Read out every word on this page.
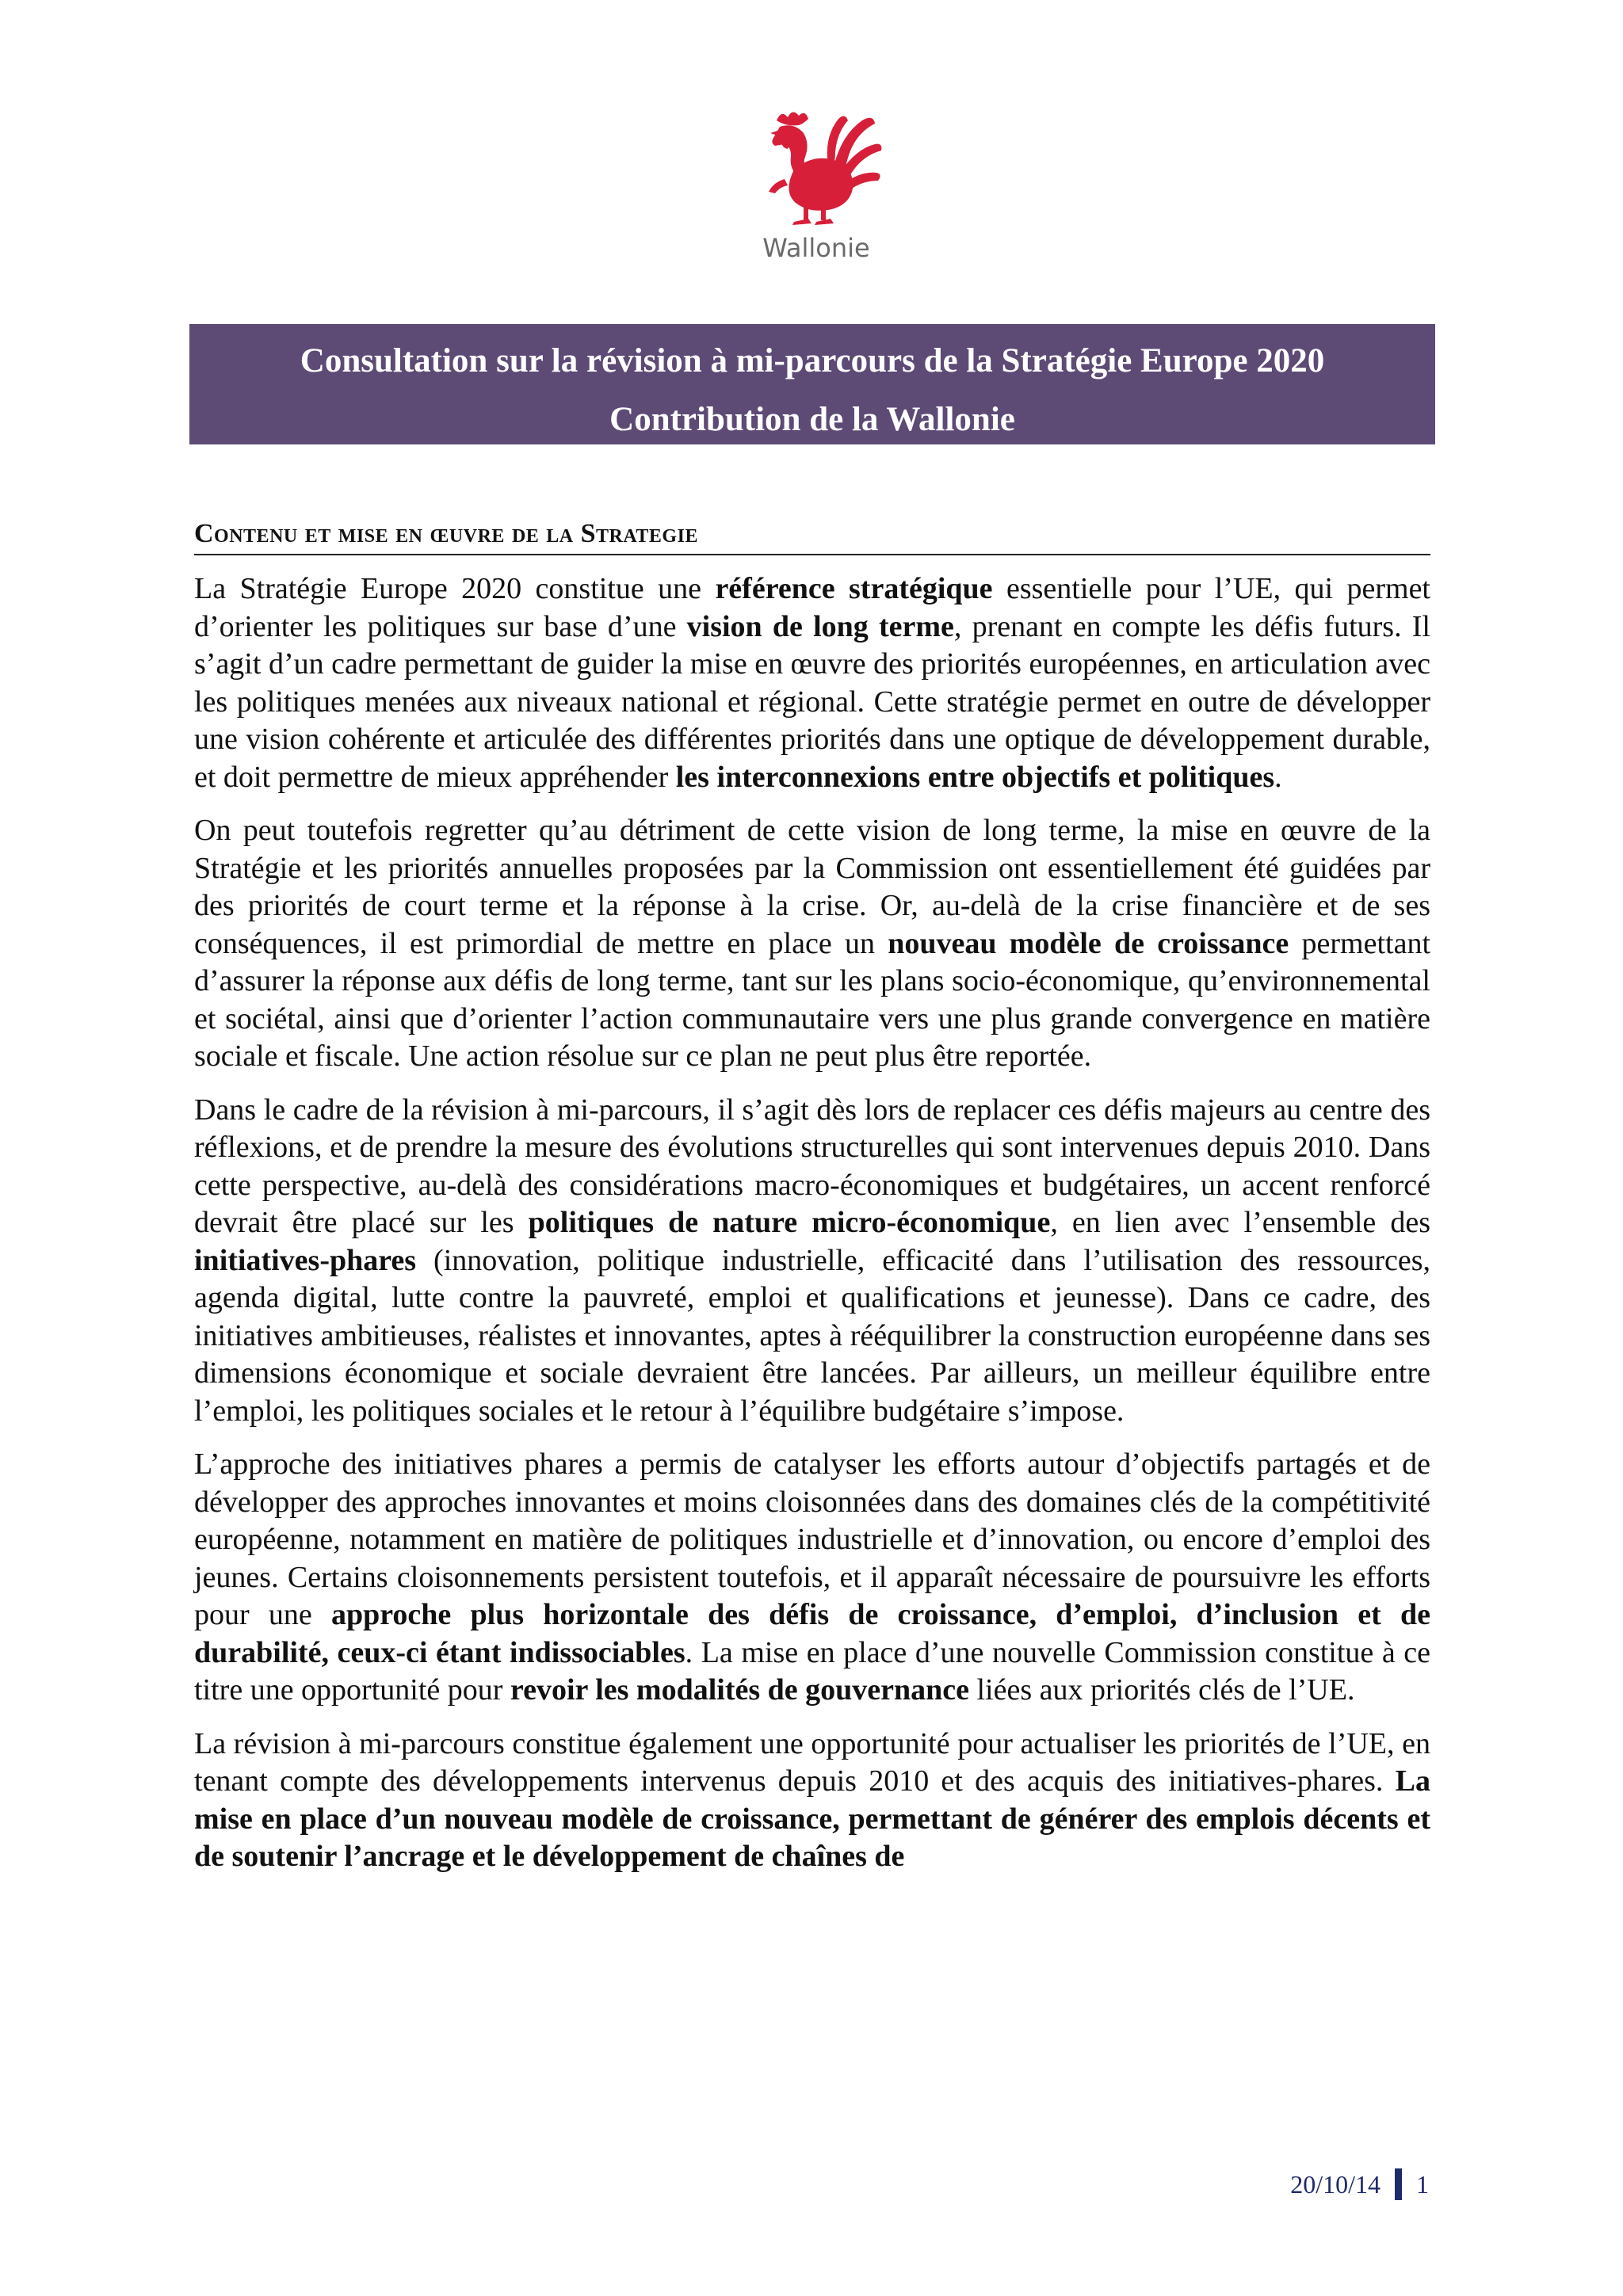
Wallonie
Consultation sur la révision à mi-parcours de la Stratégie Europe 2020
Contribution de la Wallonie
Contenu et mise en œuvre de la Strategie

La Stratégie Europe 2020 constitue une référence stratégique essentielle pour l’UE, qui permet d’orienter les politiques sur base d’une vision de long terme, prenant en compte les défis futurs. Il s’agit d’un cadre permettant de guider la mise en œuvre des priorités européennes, en articulation avec les politiques menées aux niveaux national et régional. Cette stratégie permet en outre de développer une vision cohérente et articulée des différentes priorités dans une optique de développement durable, et doit permettre de mieux appréhender les interconnexions entre objectifs et politiques.

On peut toutefois regretter qu’au détriment de cette vision de long terme, la mise en œuvre de la Stratégie et les priorités annuelles proposées par la Commission ont essentiellement été guidées par des priorités de court terme et la réponse à la crise. Or, au-delà de la crise financière et de ses conséquences, il est primordial de mettre en place un nouveau modèle de croissance permettant d’assurer la réponse aux défis de long terme, tant sur les plans socio-économique, qu’environnemental et sociétal, ainsi que d’orienter l’action communautaire vers une plus grande convergence en matière sociale et fiscale. Une action résolue sur ce plan ne peut plus être reportée.

Dans le cadre de la révision à mi-parcours, il s’agit dès lors de replacer ces défis majeurs au centre des réflexions, et de prendre la mesure des évolutions structurelles qui sont intervenues depuis 2010. Dans cette perspective, au-delà des considérations macro-économiques et budgétaires, un accent renforcé devrait être placé sur les politiques de nature micro-économique, en lien avec l’ensemble des initiatives-phares (innovation, politique industrielle, efficacité dans l’utilisation des ressources, agenda digital, lutte contre la pauvreté, emploi et qualifications et jeunesse). Dans ce cadre, des initiatives ambitieuses, réalistes et innovantes, aptes à rééquilibrer la construction européenne dans ses dimensions économique et sociale devraient être lancées. Par ailleurs, un meilleur équilibre entre l’emploi, les politiques sociales et le retour à l’équilibre budgétaire s’impose.

L’approche des initiatives phares a permis de catalyser les efforts autour d’objectifs partagés et de développer des approches innovantes et moins cloisonnées dans des domaines clés de la compétitivité européenne, notamment en matière de politiques industrielle et d’innovation, ou encore d’emploi des jeunes. Certains cloisonnements persistent toutefois, et il apparaît nécessaire de poursuivre les efforts pour une approche plus horizontale des défis de croissance, d’emploi, d’inclusion et de durabilité, ceux-ci étant indissociables. La mise en place d’une nouvelle Commission constitue à ce titre une opportunité pour revoir les modalités de gouvernance liées aux priorités clés de l’UE.

La révision à mi-parcours constitue également une opportunité pour actualiser les priorités de l’UE, en tenant compte des développements intervenus depuis 2010 et des acquis des initiatives-phares. La mise en place d’un nouveau modèle de croissance, permettant de générer des emplois décents et de soutenir l’ancrage et le développement de chaînes de

20/10/14 1
